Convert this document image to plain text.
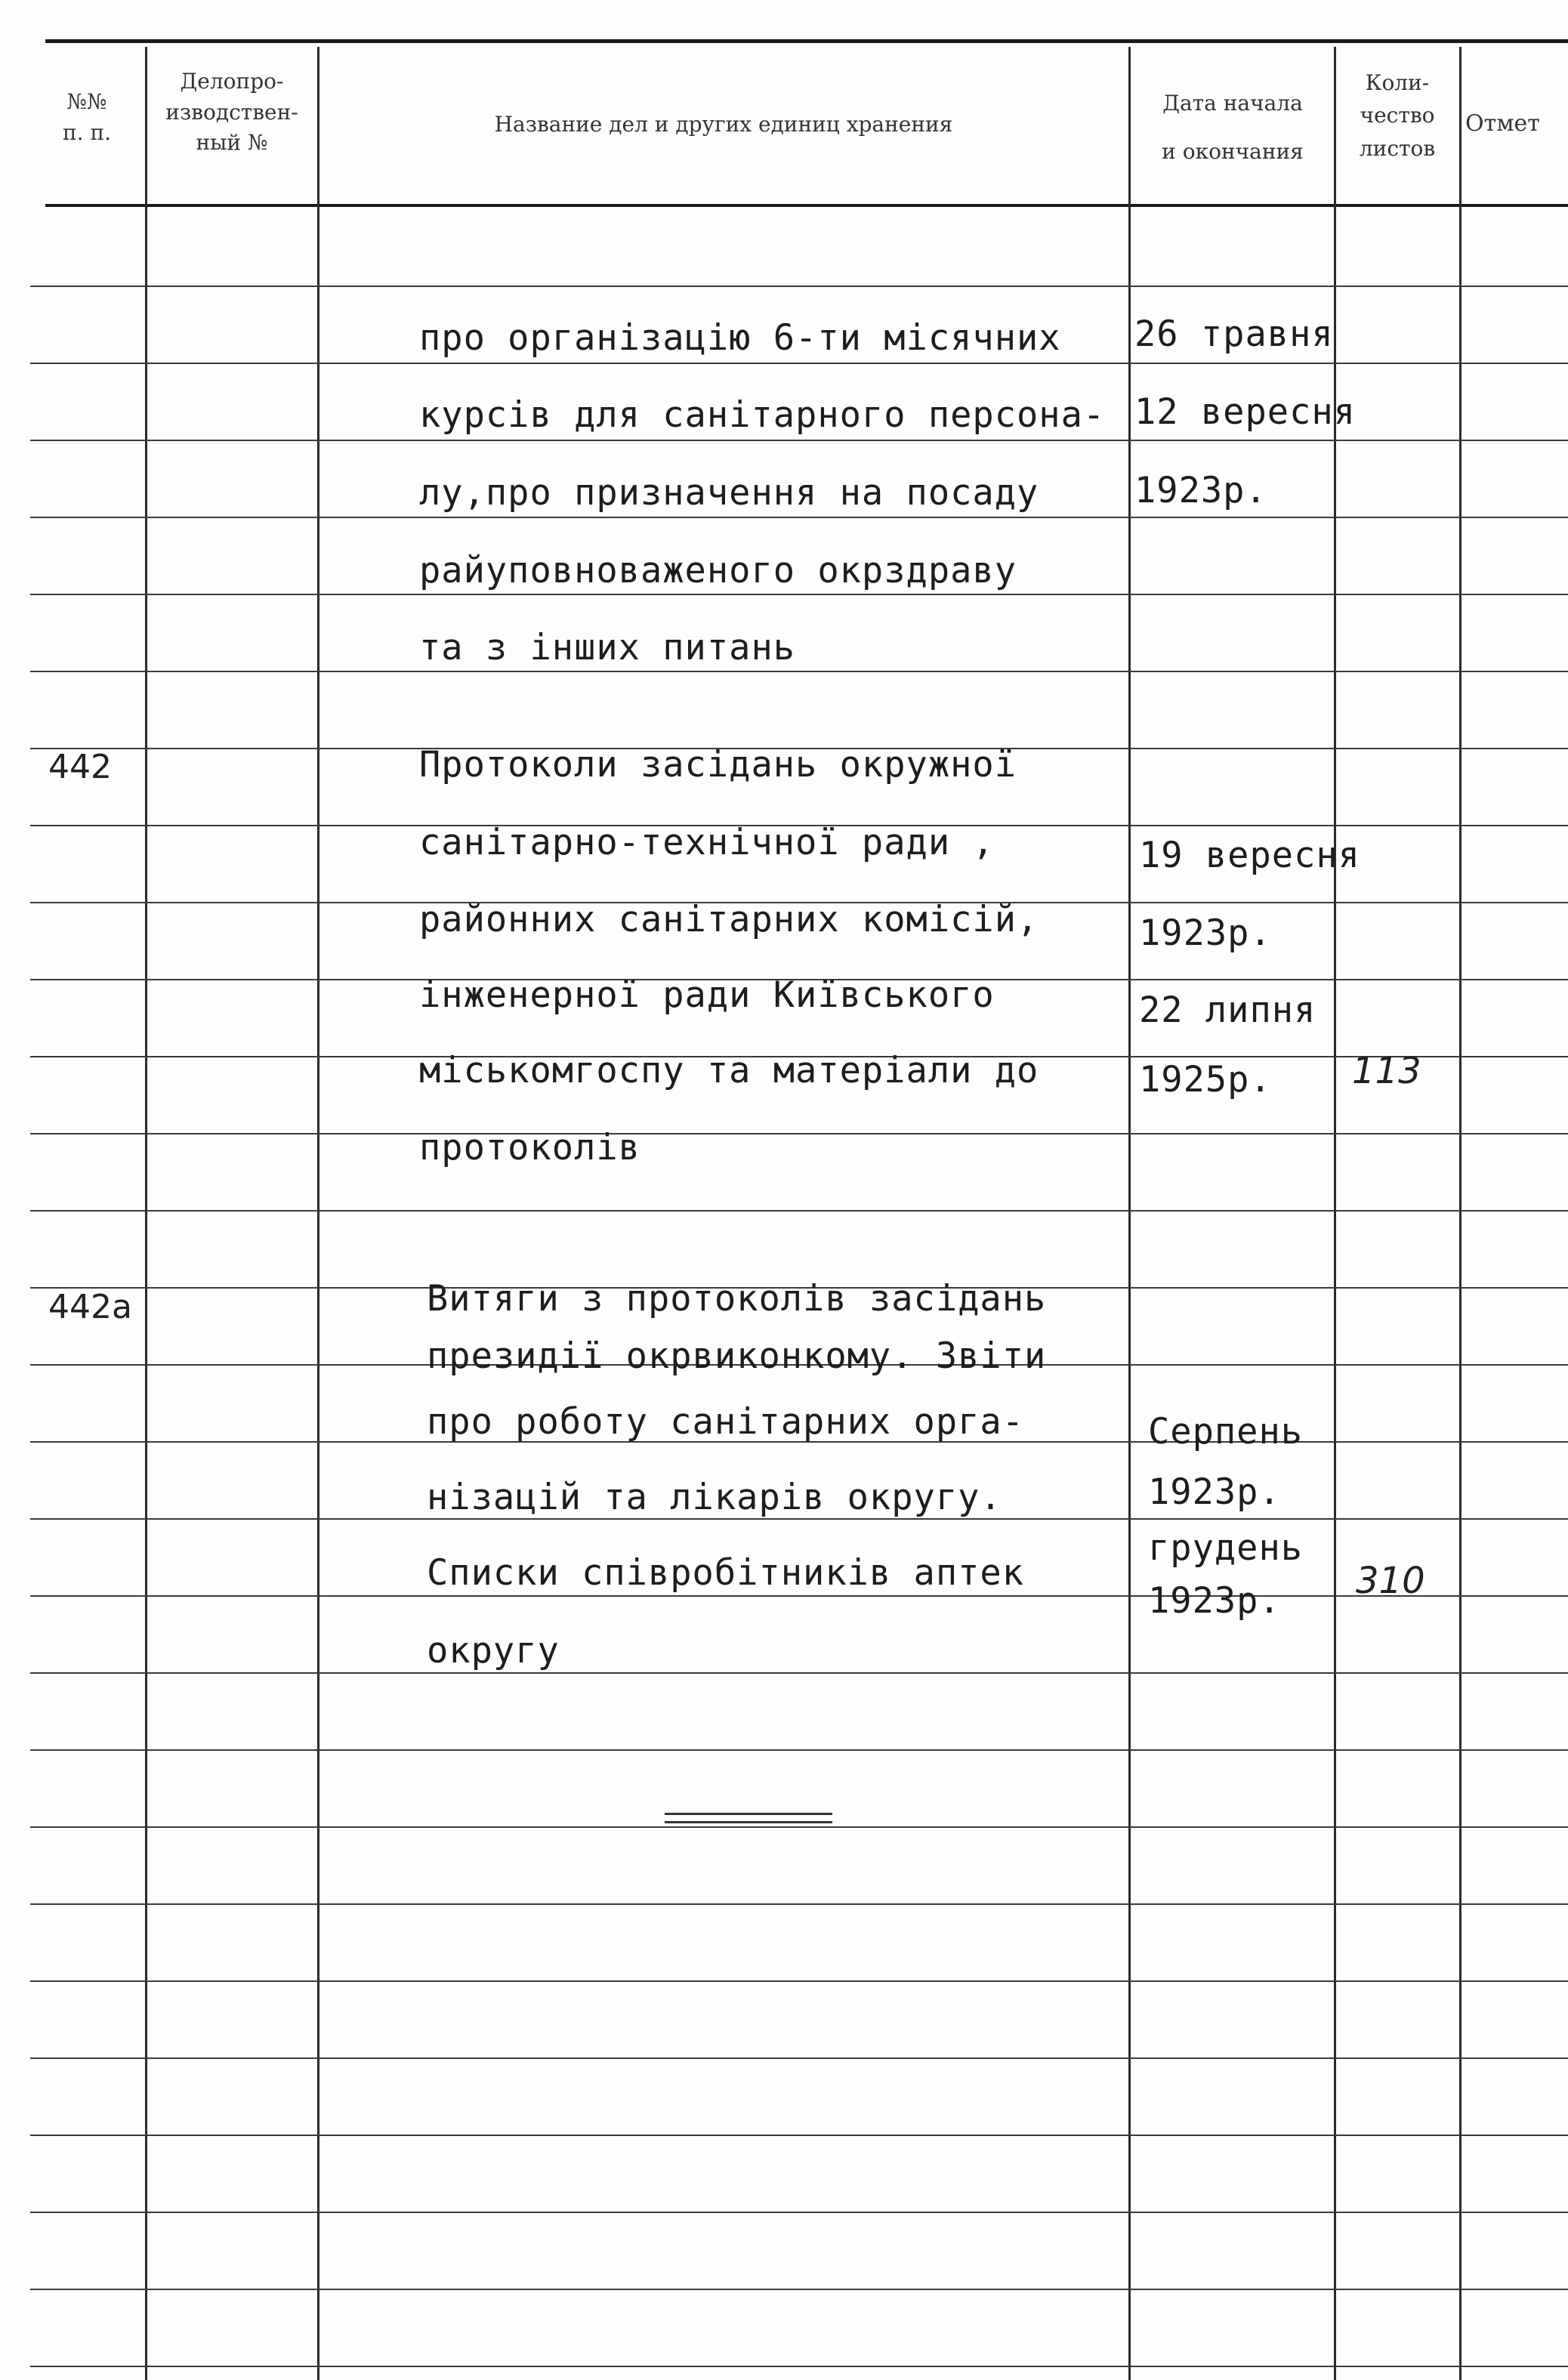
№№
п. п.
Делопро-
изводствен-
ный №
Название дел и других единиц хранения
Дата начала
и окончания
Коли-
чество
листов
Отмет
про організацію 6-ти місячних
курсів для санітарного персона-
лу,про призначення на посаду
райуповноваженого окрздраву
та з інших питань
26 травня
12 вересня
1923р.
442	Протоколи засідань окружної
санітарно-технічної ради ,
районних санітарних комісій,
інженерної ради Київського
міськомгоспу та матеріали до
протоколів
19 вересня
1923р.
22 липня
1925р. 113
442а	Витяги з протоколів засідань
президії окрвиконкому. Звіти
про роботу санітарних орга-
нізацій та лікарів округу.
Списки співробітників аптек
округу
Серпень
1923р.
грудень
1923р. 310
